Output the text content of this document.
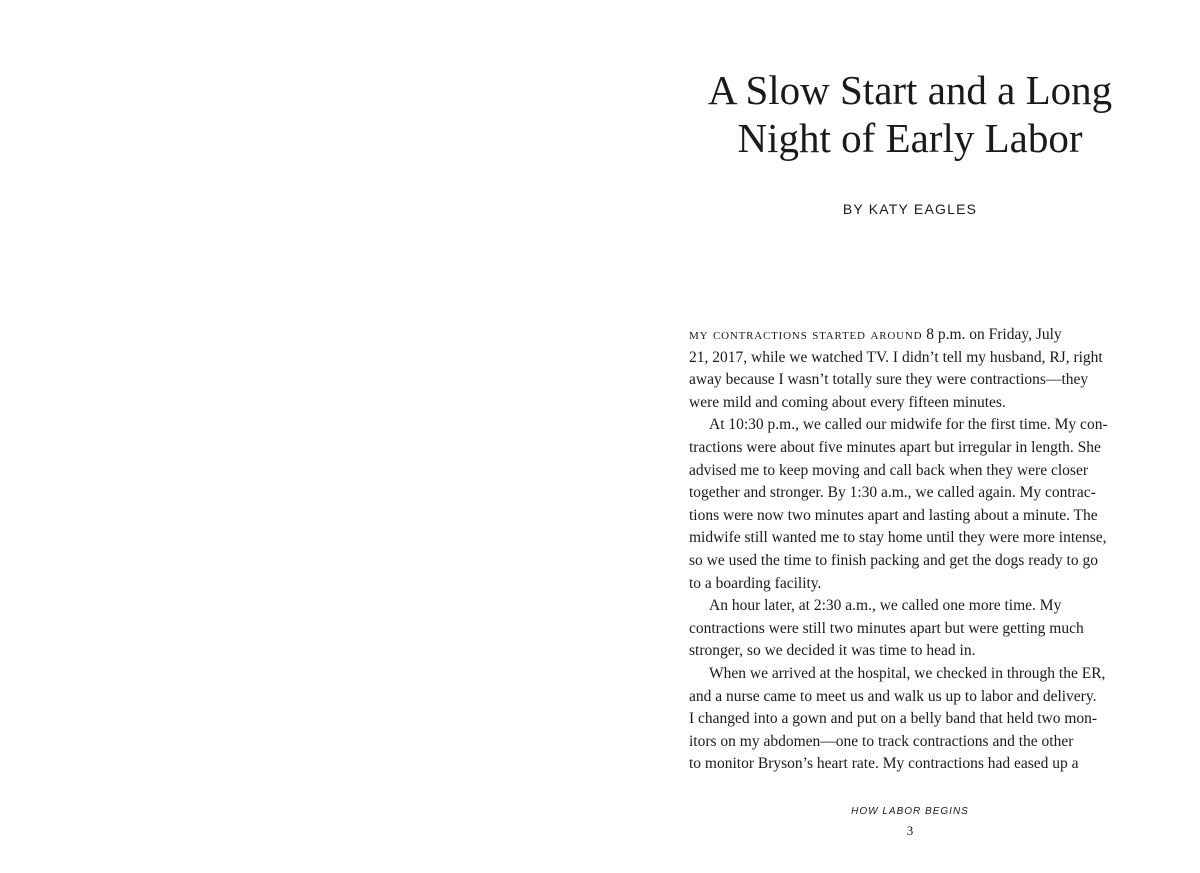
A Slow Start and a Long
Night of Early Labor
BY KATY EAGLES
my contractions started around 8 p.m. on Friday, July
21, 2017, while we watched TV. I didn’t tell my husband, RJ, right
away because I wasn’t totally sure they were contractions—they
were mild and coming about every fifteen minutes.
At 10:30 p.m., we called our midwife for the first time. My con-
tractions were about five minutes apart but irregular in length. She
advised me to keep moving and call back when they were closer
together and stronger. By 1:30 a.m., we called again. My contrac-
tions were now two minutes apart and lasting about a minute. The
midwife still wanted me to stay home until they were more intense,
so we used the time to finish packing and get the dogs ready to go
to a boarding facility.
An hour later, at 2:30 a.m., we called one more time. My
contractions were still two minutes apart but were getting much
stronger, so we decided it was time to head in.
When we arrived at the hospital, we checked in through the ER,
and a nurse came to meet us and walk us up to labor and delivery.
I changed into a gown and put on a belly band that held two mon-
itors on my abdomen—one to track contractions and the other
to monitor Bryson’s heart rate. My contractions had eased up a
HOW LABOR BEGINS
3
